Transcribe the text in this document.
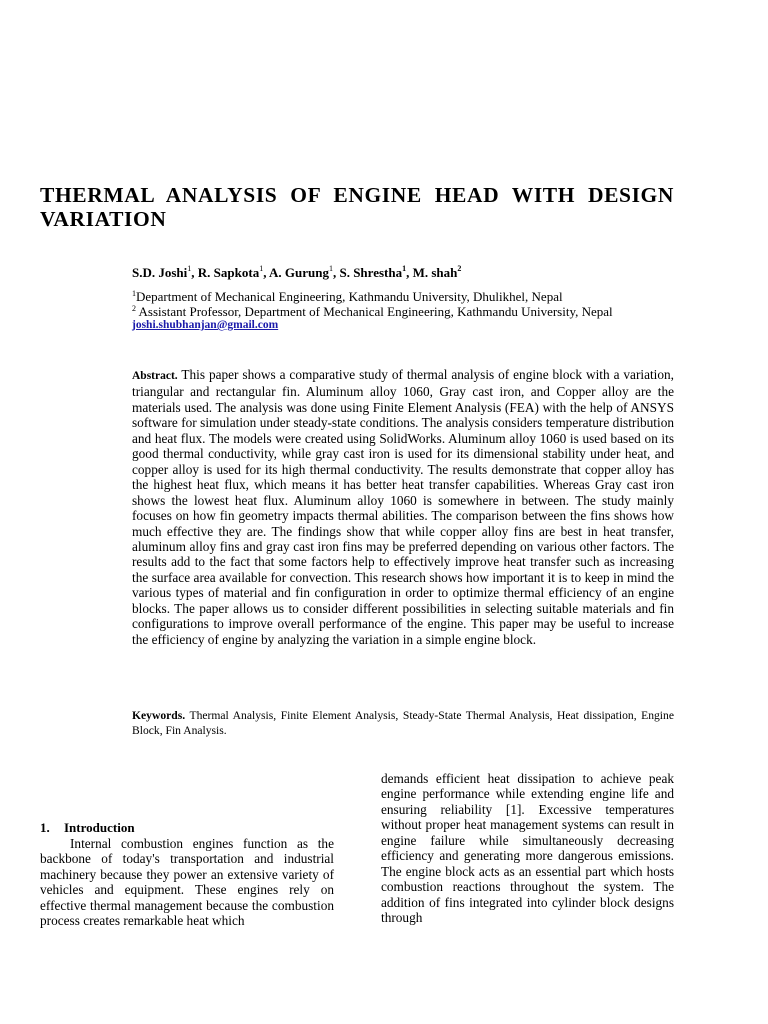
THERMAL ANALYSIS OF ENGINE HEAD WITH DESIGN VARIATION
S.D. Joshi$^1$, R. Sapkota$^1$, A. Gurung$^1$, S. Shrestha$^1$, M. shah$^2$
$^1$Department of Mechanical Engineering, Kathmandu University, Dhulikhel, Nepal
$^2$ Assistant Professor, Department of Mechanical Engineering, Kathmandu University, Nepal
joshi.shubhanjan@gmail.com

Abstract. This paper shows a comparative study of thermal analysis of engine block with a variation, triangular and rectangular fin. Aluminum alloy 1060, Gray cast iron, and Copper alloy are the materials used. The analysis was done using Finite Element Analysis (FEA) with the help of ANSYS software for simulation under steady-state conditions. The analysis considers temperature distribution and heat flux. The models were created using SolidWorks. Aluminum alloy 1060 is used based on its good thermal conductivity, while gray cast iron is used for its dimensional stability under heat, and copper alloy is used for its high thermal conductivity. The results demonstrate that copper alloy has the highest heat flux, which means it has better heat transfer capabilities. Whereas Gray cast iron shows the lowest heat flux. Aluminum alloy 1060 is somewhere in between. The study mainly focuses on how fin geometry impacts thermal abilities. The comparison between the fins shows how much effective they are. The findings show that while copper alloy fins are best in heat transfer, aluminum alloy fins and gray cast iron fins may be preferred depending on various other factors. The results add to the fact that some factors help to effectively improve heat transfer such as increasing the surface area available for convection. This research shows how important it is to keep in mind the various types of material and fin configuration in order to optimize thermal efficiency of an engine blocks. The paper allows us to consider different possibilities in selecting suitable materials and fin configurations to improve overall performance of the engine. This paper may be useful to increase the efficiency of engine by analyzing the variation in a simple engine block.

Keywords. Thermal Analysis, Finite Element Analysis, Steady-State Thermal Analysis, Heat dissipation, Engine Block, Fin Analysis.

1. Introduction

Internal combustion engines function as the backbone of today's transportation and industrial machinery because they power an extensive variety of vehicles and equipment. These engines rely on effective thermal management because the combustion process creates remarkable heat which

demands efficient heat dissipation to achieve peak engine performance while extending engine life and ensuring reliability [1]. Excessive temperatures without proper heat management systems can result in engine failure while simultaneously decreasing efficiency and generating more dangerous emissions. The engine block acts as an essential part which hosts combustion reactions throughout the system. The addition of fins integrated into cylinder block designs through
